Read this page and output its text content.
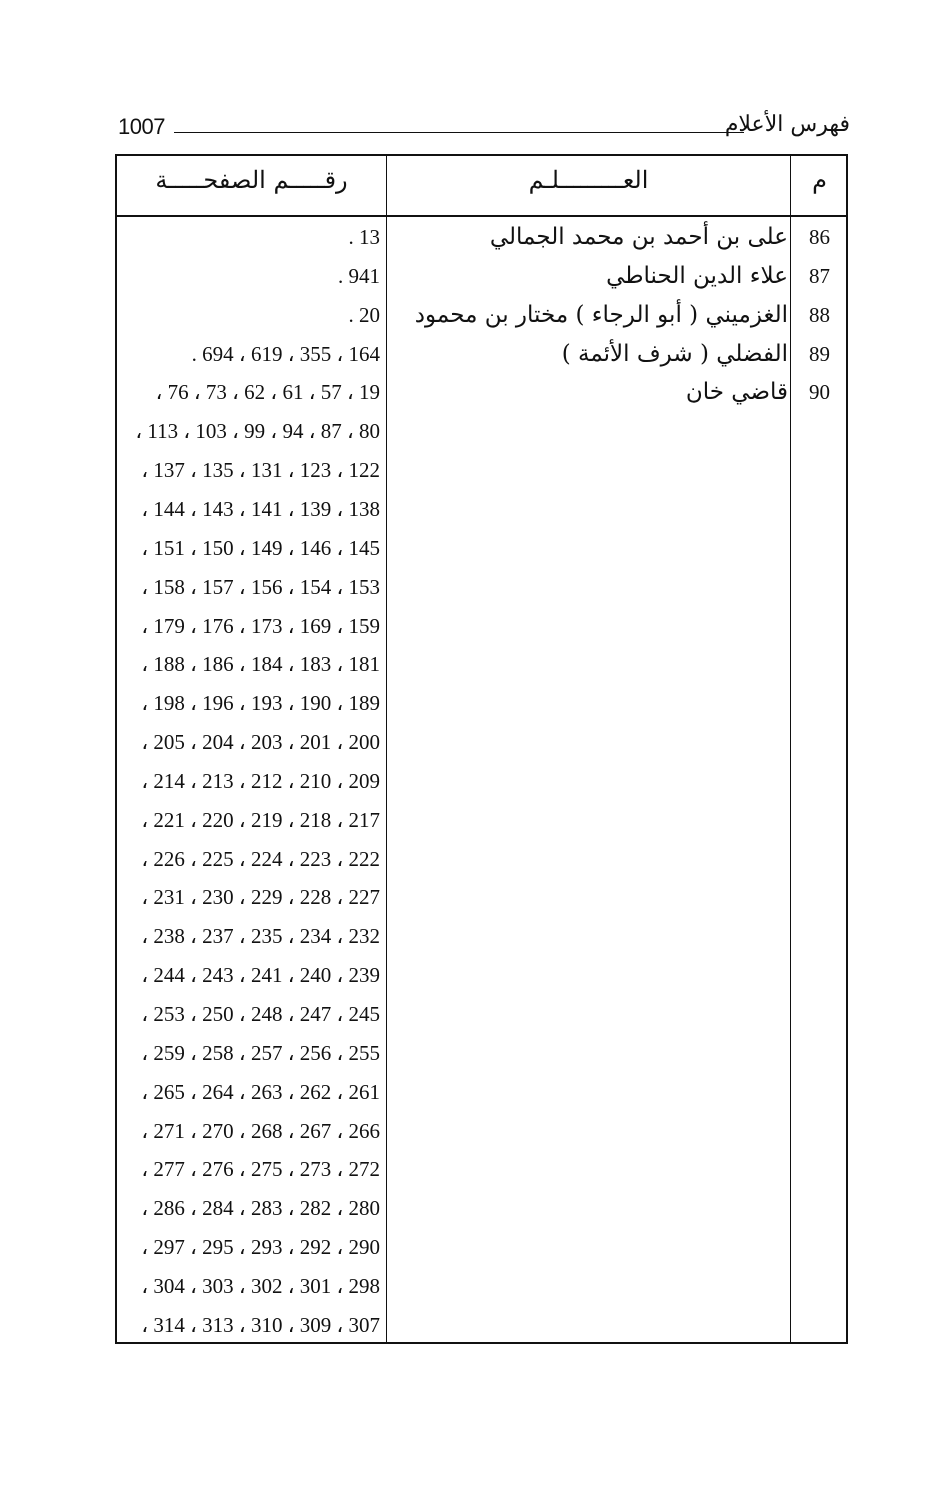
1007	فهرس الأعلام
رقـــــم الصفحـــــة	العـــــــــلـم	م
13 .	على بن أحمد بن محمد الجمالي	86
941 .	علاء الدين الحناطي	87
20 .	الغزميني ( أبو الرجاء ) مختار بن محمود	88
164 ، 355 ، 619 ، 694 .	الفضلي ( شرف الأئمة )	89
19 ، 57 ، 61 ، 62 ، 73 ، 76 ،	قاضي خان	90
80 ، 87 ، 94 ، 99 ، 103 ، 113 ،
122 ، 123 ، 131 ، 135 ، 137 ،
138 ، 139 ، 141 ، 143 ، 144 ،
145 ، 146 ، 149 ، 150 ، 151 ،
153 ، 154 ، 156 ، 157 ، 158 ،
159 ، 169 ، 173 ، 176 ، 179 ،
181 ، 183 ، 184 ، 186 ، 188 ،
189 ، 190 ، 193 ، 196 ، 198 ،
200 ، 201 ، 203 ، 204 ، 205 ،
209 ، 210 ، 212 ، 213 ، 214 ،
217 ، 218 ، 219 ، 220 ، 221 ،
222 ، 223 ، 224 ، 225 ، 226 ،
227 ، 228 ، 229 ، 230 ، 231 ،
232 ، 234 ، 235 ، 237 ، 238 ،
239 ، 240 ، 241 ، 243 ، 244 ،
245 ، 247 ، 248 ، 250 ، 253 ،
255 ، 256 ، 257 ، 258 ، 259 ،
261 ، 262 ، 263 ، 264 ، 265 ،
266 ، 267 ، 268 ، 270 ، 271 ،
272 ، 273 ، 275 ، 276 ، 277 ،
280 ، 282 ، 283 ، 284 ، 286 ،
290 ، 292 ، 293 ، 295 ، 297 ،
298 ، 301 ، 302 ، 303 ، 304 ،
307 ، 309 ، 310 ، 313 ، 314 ،
